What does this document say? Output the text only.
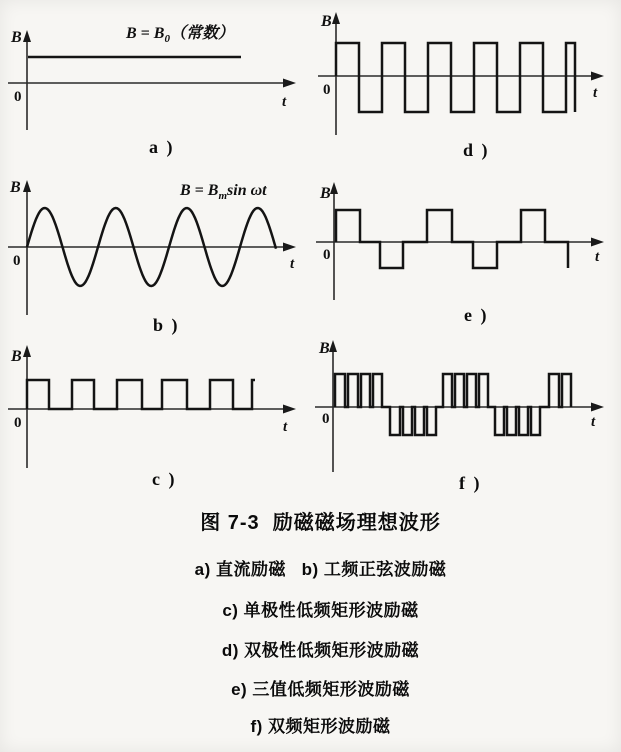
B
0	t
$B = B_0$（常数）
a )
B
0	t
d )
B
0	t
$B = B_m\sin$ ωt
b )
B
0	t
e )
B
0	t
c )
B
0	t
f )
图 7-3  励磁磁场理想波形
a) 直流励磁   b) 工频正弦波励磁
c) 单极性低频矩形波励磁
d) 双极性低频矩形波励磁
e) 三值低频矩形波励磁
f) 双频矩形波励磁
